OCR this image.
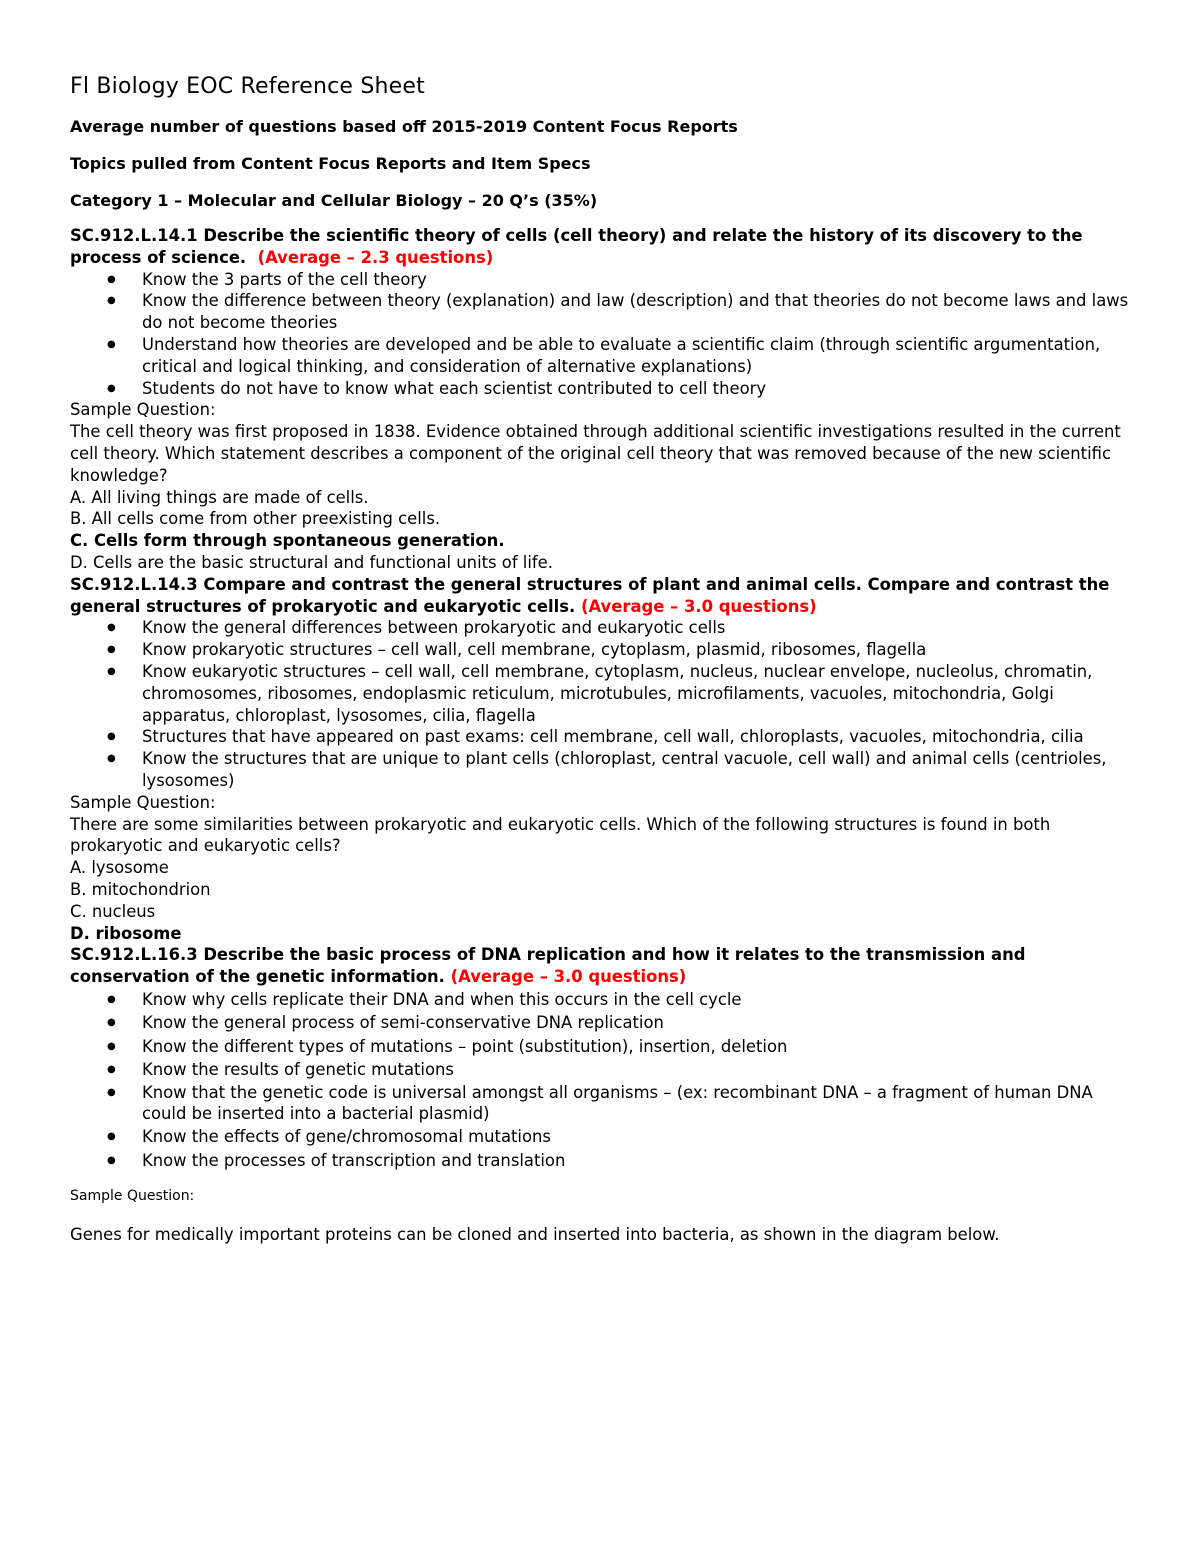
Fl Biology EOC Reference Sheet

Average number of questions based off 2015-2019 Content Focus Reports

Topics pulled from Content Focus Reports and Item Specs

Category 1 – Molecular and Cellular Biology – 20 Q’s (35%)

SC.912.L.14.1 Describe the scientific theory of cells (cell theory) and relate the history of its discovery to the process of science. (Average – 2.3 questions)

● Know the 3 parts of the cell theory
● Know the difference between theory (explanation) and law (description) and that theories do not become laws and laws do not become theories
● Understand how theories are developed and be able to evaluate a scientific claim (through scientific argumentation, critical and logical thinking, and consideration of alternative explanations)
● Students do not have to know what each scientist contributed to cell theory

Sample Question:

The cell theory was first proposed in 1838. Evidence obtained through additional scientific investigations resulted in the current cell theory. Which statement describes a component of the original cell theory that was removed because of the new scientific knowledge?

A. All living things are made of cells.

B. All cells come from other preexisting cells.

C. Cells form through spontaneous generation.

D. Cells are the basic structural and functional units of life.

SC.912.L.14.3 Compare and contrast the general structures of plant and animal cells. Compare and contrast the general structures of prokaryotic and eukaryotic cells. (Average – 3.0 questions)

● Know the general differences between prokaryotic and eukaryotic cells
● Know prokaryotic structures – cell wall, cell membrane, cytoplasm, plasmid, ribosomes, flagella
● Know eukaryotic structures – cell wall, cell membrane, cytoplasm, nucleus, nuclear envelope, nucleolus, chromatin, chromosomes, ribosomes, endoplasmic reticulum, microtubules, microfilaments, vacuoles, mitochondria, Golgi apparatus, chloroplast, lysosomes, cilia, flagella
● Structures that have appeared on past exams: cell membrane, cell wall, chloroplasts, vacuoles, mitochondria, cilia
● Know the structures that are unique to plant cells (chloroplast, central vacuole, cell wall) and animal cells (centrioles, lysosomes)

Sample Question:

There are some similarities between prokaryotic and eukaryotic cells. Which of the following structures is found in both prokaryotic and eukaryotic cells?

A. lysosome

B. mitochondrion

C. nucleus

D. ribosome

SC.912.L.16.3 Describe the basic process of DNA replication and how it relates to the transmission and conservation of the genetic information. (Average – 3.0 questions)

● Know why cells replicate their DNA and when this occurs in the cell cycle
● Know the general process of semi-conservative DNA replication
● Know the different types of mutations – point (substitution), insertion, deletion
● Know the results of genetic mutations
● Know that the genetic code is universal amongst all organisms – (ex: recombinant DNA – a fragment of human DNA could be inserted into a bacterial plasmid)
● Know the effects of gene/chromosomal mutations
● Know the processes of transcription and translation

Sample Question:

Genes for medically important proteins can be cloned and inserted into bacteria, as shown in the diagram below.
